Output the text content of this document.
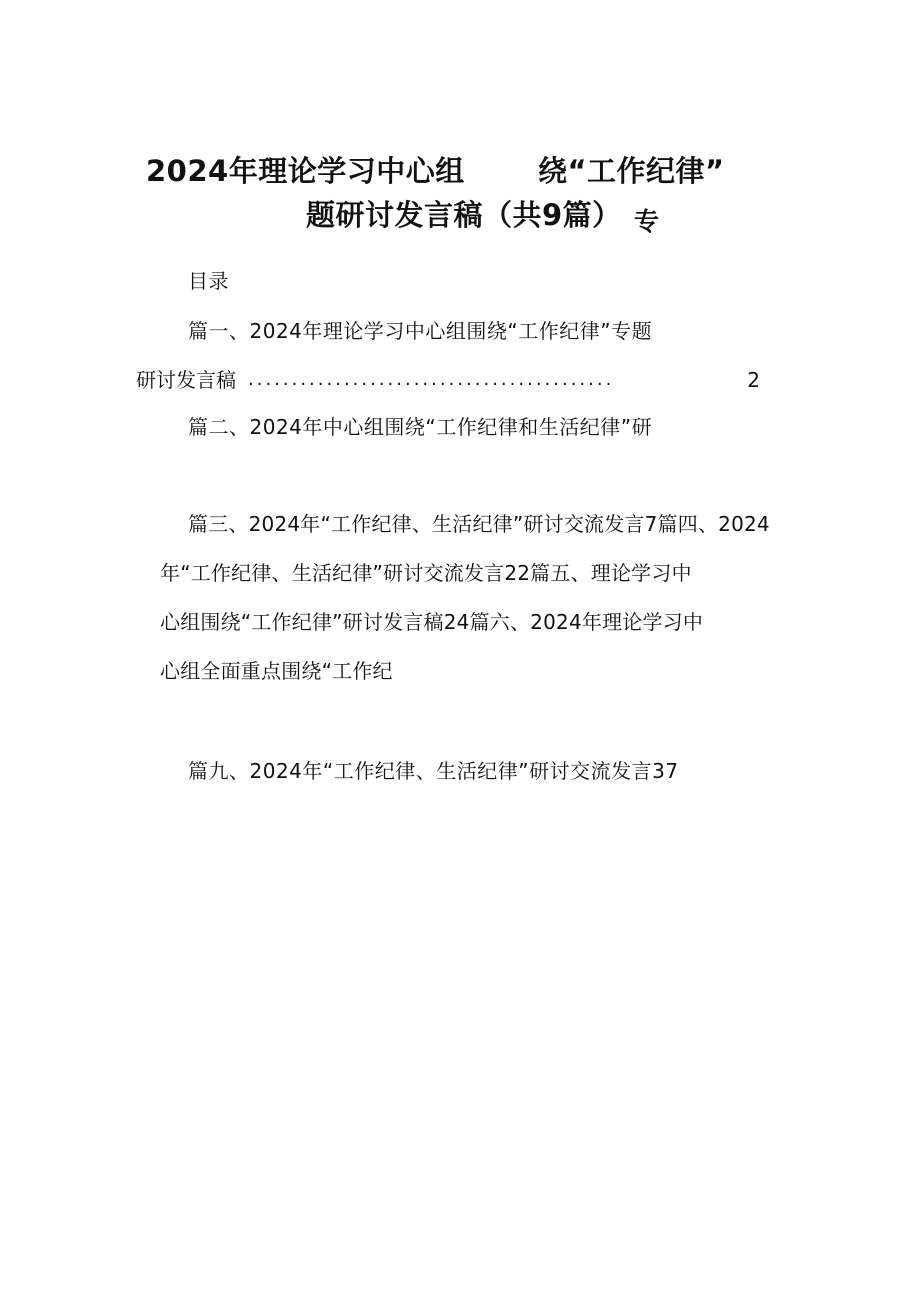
2024年理论学习中心组	绕“工作纪律”
题研讨发言稿（共9篇） 专
目录
篇一、2024年理论学习中心组围绕“工作纪律”专题
研讨发言稿 ..........................................	2
篇二、2024年中心组围绕“工作纪律和生活纪律”研
篇三、2024年“工作纪律、生活纪律”研讨交流发言7篇四、2024
年“工作纪律、生活纪律”研讨交流发言22篇五、理论学习中
心组围绕“工作纪律”研讨发言稿24篇六、2024年理论学习中
心组全面重点围绕“工作纪
篇九、2024年“工作纪律、生活纪律”研讨交流发言37
